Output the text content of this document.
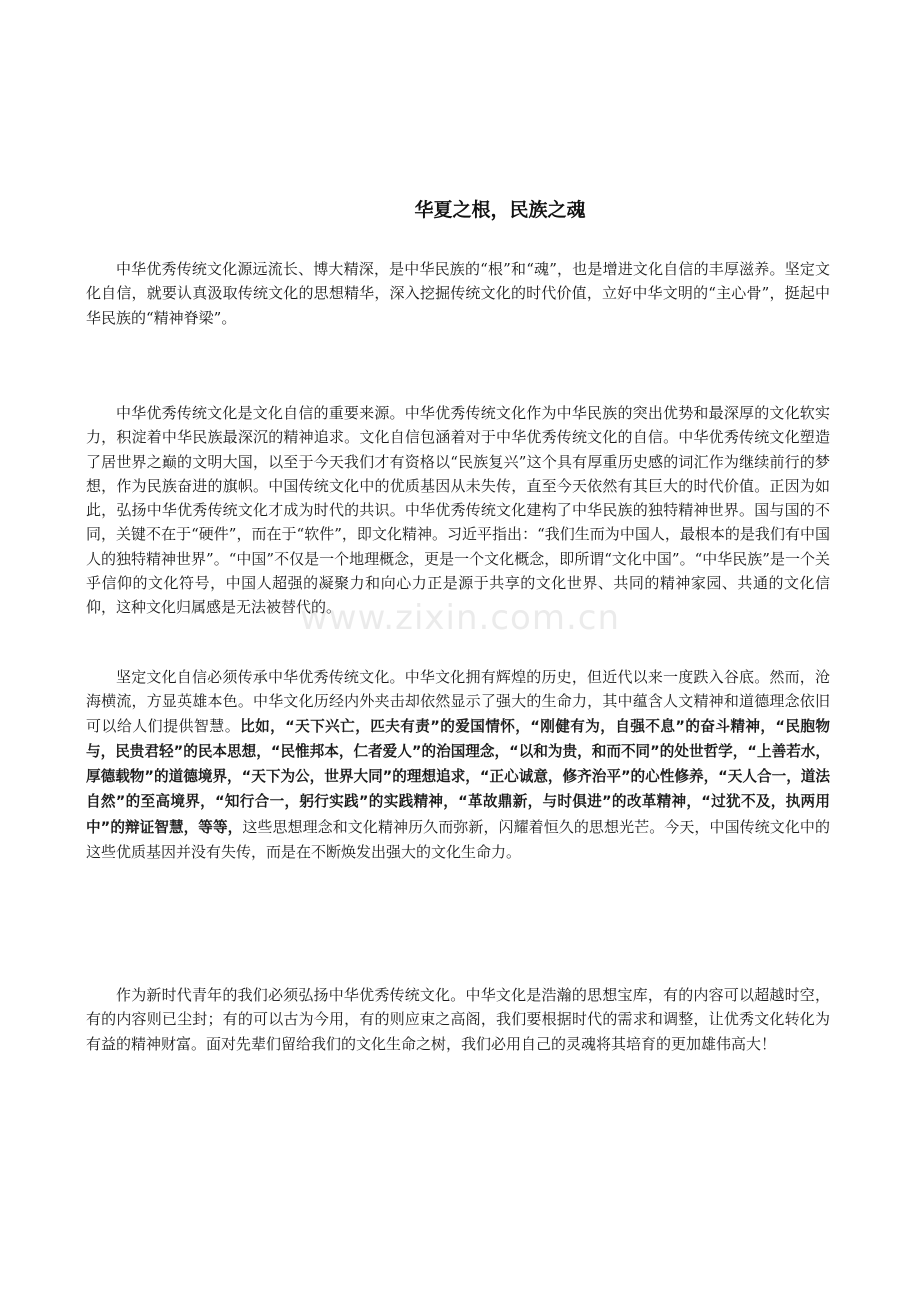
www.zixin.com.cn
华夏之根，民族之魂

中华优秀传统文化源远流长、博大精深，是中华民族的“根”和“魂”，也是增进文化自信的丰厚滋养。坚定文化自信，就要认真汲取传统文化的思想精华，深入挖掘传统文化的时代价值，立好中华文明的“主心骨”，挺起中华民族的“精神脊梁”。

中华优秀传统文化是文化自信的重要来源。中华优秀传统文化作为中华民族的突出优势和最深厚的文化软实力，积淀着中华民族最深沉的精神追求。文化自信包涵着对于中华优秀传统文化的自信。中华优秀传统文化塑造了居世界之巅的文明大国，以至于今天我们才有资格以“民族复兴”这个具有厚重历史感的词汇作为继续前行的梦想，作为民族奋进的旗帜。中国传统文化中的优质基因从未失传，直至今天依然有其巨大的时代价值。正因为如此，弘扬中华优秀传统文化才成为时代的共识。中华优秀传统文化建构了中华民族的独特精神世界。国与国的不同，关键不在于“硬件”，而在于“软件”，即文化精神。习近平指出：“我们生而为中国人，最根本的是我们有中国人的独特精神世界”。“中国”不仅是一个地理概念，更是一个文化概念，即所谓“文化中国”。“中华民族”是一个关乎信仰的文化符号，中国人超强的凝聚力和向心力正是源于共享的文化世界、共同的精神家园、共通的文化信仰，这种文化归属感是无法被替代的。

坚定文化自信必须传承中华优秀传统文化。中华文化拥有辉煌的历史，但近代以来一度跌入谷底。然而，沧海横流，方显英雄本色。中华文化历经内外夹击却依然显示了强大的生命力，其中蕴含人文精神和道德理念依旧可以给人们提供智慧。比如，“天下兴亡，匹夫有责”的爱国情怀，“刚健有为，自强不息”的奋斗精神，“民胞物与，民贵君轻”的民本思想，“民惟邦本，仁者爱人”的治国理念，“以和为贵，和而不同”的处世哲学，“上善若水，厚德载物”的道德境界，“天下为公，世界大同”的理想追求，“正心诚意，修齐治平”的心性修养，“天人合一，道法自然”的至高境界，“知行合一，躬行实践”的实践精神，“革故鼎新，与时俱进”的改革精神，“过犹不及，执两用中”的辩证智慧，等等，这些思想理念和文化精神历久而弥新，闪耀着恒久的思想光芒。今天，中国传统文化中的这些优质基因并没有失传，而是在不断焕发出强大的文化生命力。

作为新时代青年的我们必须弘扬中华优秀传统文化。中华文化是浩瀚的思想宝库，有的内容可以超越时空，有的内容则已尘封；有的可以古为今用，有的则应束之高阁，我们要根据时代的需求和调整，让优秀文化转化为有益的精神财富。面对先辈们留给我们的文化生命之树，我们必用自己的灵魂将其培育的更加雄伟高大！
